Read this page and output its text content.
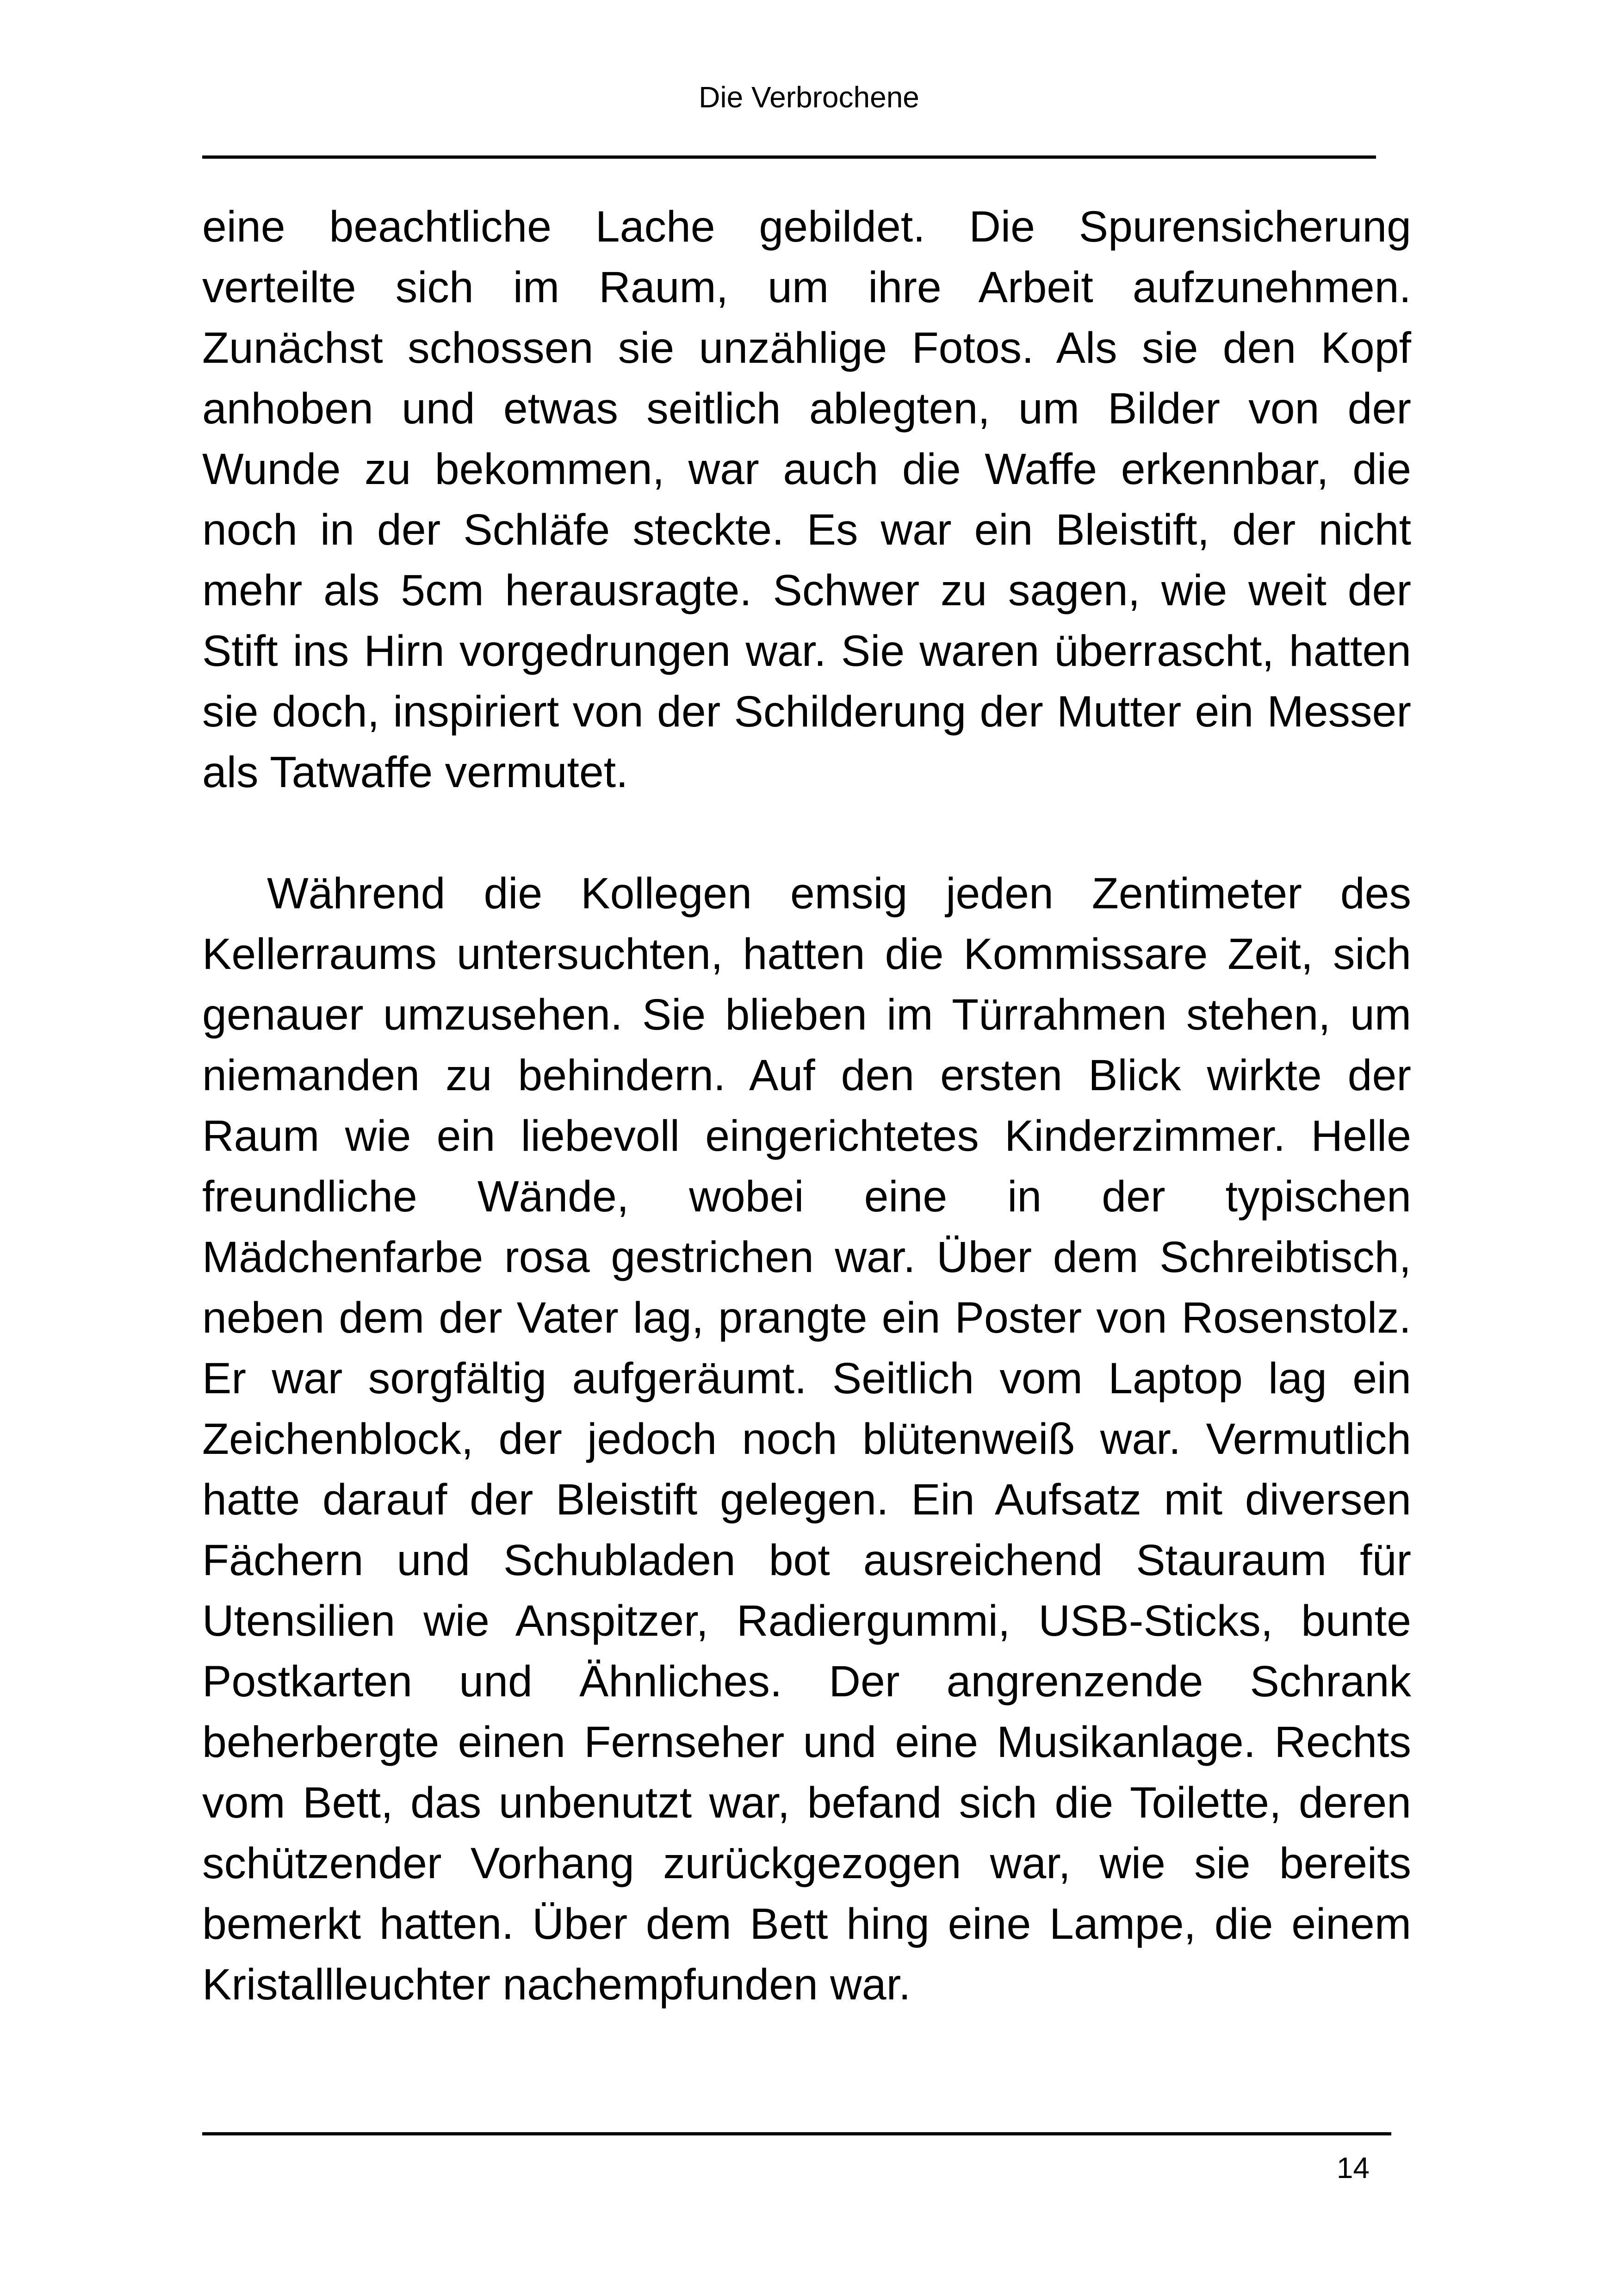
Die Verbrochene

eine beachtliche Lache gebildet. Die Spurensicherung verteilte sich im Raum, um ihre Arbeit aufzunehmen. Zunächst schossen sie unzählige Fotos. Als sie den Kopf anhoben und etwas seitlich ablegten, um Bilder von der Wunde zu bekommen, war auch die Waffe erkennbar, die noch in der Schläfe steckte. Es war ein Bleistift, der nicht mehr als 5cm herausragte. Schwer zu sagen, wie weit der Stift ins Hirn vorgedrungen war. Sie waren überrascht, hatten sie doch, inspiriert von der Schilderung der Mutter ein Messer als Tatwaffe vermutet.

Während die Kollegen emsig jeden Zentimeter des Kellerraums untersuchten, hatten die Kommissare Zeit, sich genauer umzusehen. Sie blieben im Türrahmen stehen, um niemanden zu behindern. Auf den ersten Blick wirkte der Raum wie ein liebevoll eingerichtetes Kinderzimmer. Helle freundliche Wände, wobei eine in der typischen Mädchenfarbe rosa gestrichen war. Über dem Schreibtisch, neben dem der Vater lag, prangte ein Poster von Rosenstolz. Er war sorgfältig aufgeräumt. Seitlich vom Laptop lag ein Zeichenblock, der jedoch noch blütenweiß war. Vermutlich hatte darauf der Bleistift gelegen. Ein Aufsatz mit diversen Fächern und Schubladen bot ausreichend Stauraum für Utensilien wie Anspitzer, Radiergummi, USB-Sticks, bunte Postkarten und Ähnliches. Der angrenzende Schrank beherbergte einen Fernseher und eine Musikanlage. Rechts vom Bett, das unbenutzt war, befand sich die Toilette, deren schützender Vorhang zurückgezogen war, wie sie bereits bemerkt hatten. Über dem Bett hing eine Lampe, die einem Kristallleuchter nachempfunden war.

14
